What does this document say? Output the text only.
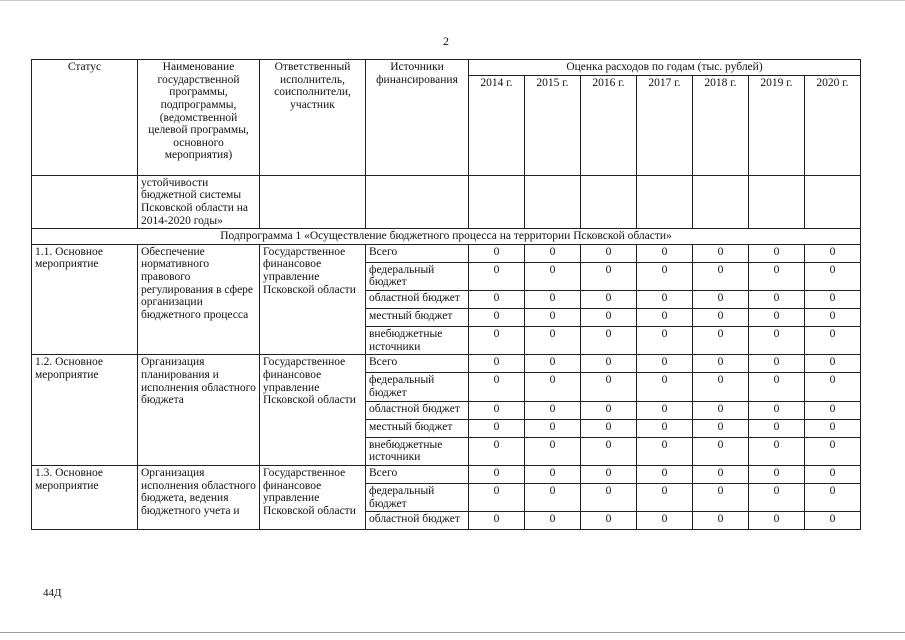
2
Статус	Наименование государственной программы, подпрограммы, (ведомственной целевой программы, основного мероприятия)	Ответственный исполнитель, соисполнители, участник	Источники финансирования	Оценка расходов по годам (тыс. рублей)						
				2014 г.	2015 г.	2016 г.	2017 г.	2018 г.	2019 г.	2020 г.
	устойчивости бюджетной системы Псковской области на 2014-2020 годы»									
Подпрограмма 1 «Осуществление бюджетного процесса на территории Псковской области»										
1.1. Основное мероприятие	Обеспечение нормативного правового регулирования в сфере организации бюджетного процесса	Государственное финансовое управление Псковской области	Всего	0	0	0	0	0	0	0
			федеральный бюджет	0	0	0	0	0	0	0
			областной бюджет	0	0	0	0	0	0	0
			местный бюджет	0	0	0	0	0	0	0
			внебюджетные источники	0	0	0	0	0	0	0
1.2. Основное мероприятие	Организация планирования и исполнения областного бюджета	Государственное финансовое управление Псковской области	Всего	0	0	0	0	0	0	0
			федеральный бюджет	0	0	0	0	0	0	0
			областной бюджет	0	0	0	0	0	0	0
			местный бюджет	0	0	0	0	0	0	0
			внебюджетные источники	0	0	0	0	0	0	0
1.3. Основное мероприятие	Организация исполнения областного бюджета, ведения бюджетного учета и	Государственное финансовое управление Псковской области	Всего	0	0	0	0	0	0	0
			федеральный бюджет	0	0	0	0	0	0	0
			областной бюджет	0	0	0	0	0	0	0
44Д
